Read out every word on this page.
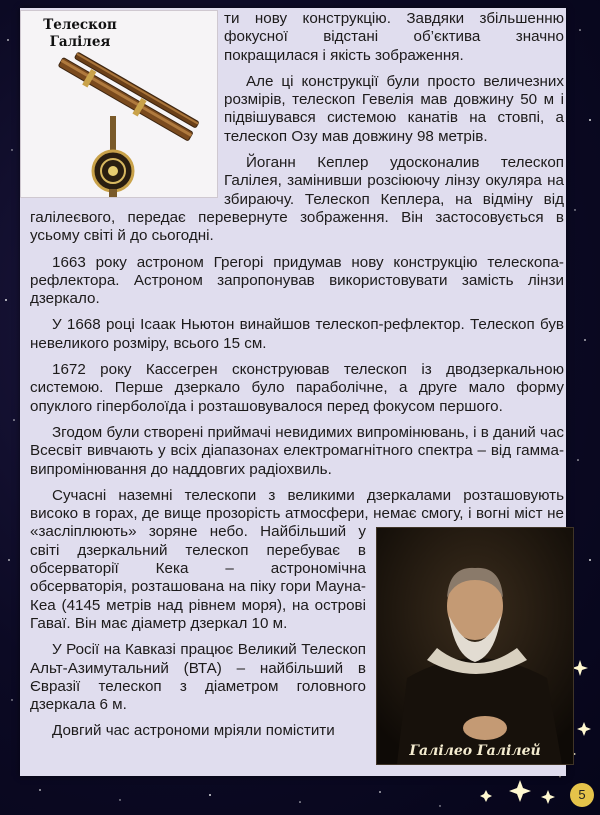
Телескоп Галілея

ти нову конструкцію. Завдяки збільшенню фокусної відстані об’єктива значно покращилася і якість зображення.

Але ці конструкції були просто величезних розмірів, телескоп Гевелія мав довжину 50 м і підвішувався системою канатів на стовпі, а телескоп Озу мав довжину 98 метрів.

Йоганн Кеплер удосконалив телескоп Галілея, замінивши розсіюючу лінзу окуляра на збираючу. Телескоп Кеплера, на відміну від галілеєвого, передає перевернуте зображення. Він застосовується в усьому світі й до сьогодні.

1663 року астроном Грегорі придумав нову конструкцію телескопа-рефлектора. Астроном запропонував використовувати замість лінзи дзеркало.

У 1668 році Ісаак Ньютон винайшов телескоп-рефлектор. Телескоп був невеликого розміру, всього 15 см.

1672 року Кассегрен сконструював телескоп із дводзеркальною системою. Перше дзеркало було параболічне, а друге мало форму опуклого гіперболоїда і розташовувалося перед фокусом першого.

Згодом були створені приймачі невидимих випромінювань, і в даний час Всесвіт вивчають у всіх діапазонах електромагнітного спектра – від гамма-випромінювання до наддовгих радіохвиль.

Галілео Галілей

Сучасні наземні телескопи з великими дзеркалами розташовують високо в горах, де вище прозорість атмосфери, немає смогу, і вогні міст не «засліплюють» зоряне небо. Найбільший у світі дзеркальний телескоп перебуває в обсерваторії Кека – астрономічна обсерваторія, розташована на піку гори Мауна-Кеа (4145 метрів над рівнем моря), на острові Гаваї. Він має діаметр дзеркал 10 м.

У Росії на Кавказі працює Великий Телескоп Альт-Азимутальний (ВТА) – найбільший в Євразії телескоп з діаметром головного дзеркала 6 м.

Довгий час астрономи мріяли помістити

5
